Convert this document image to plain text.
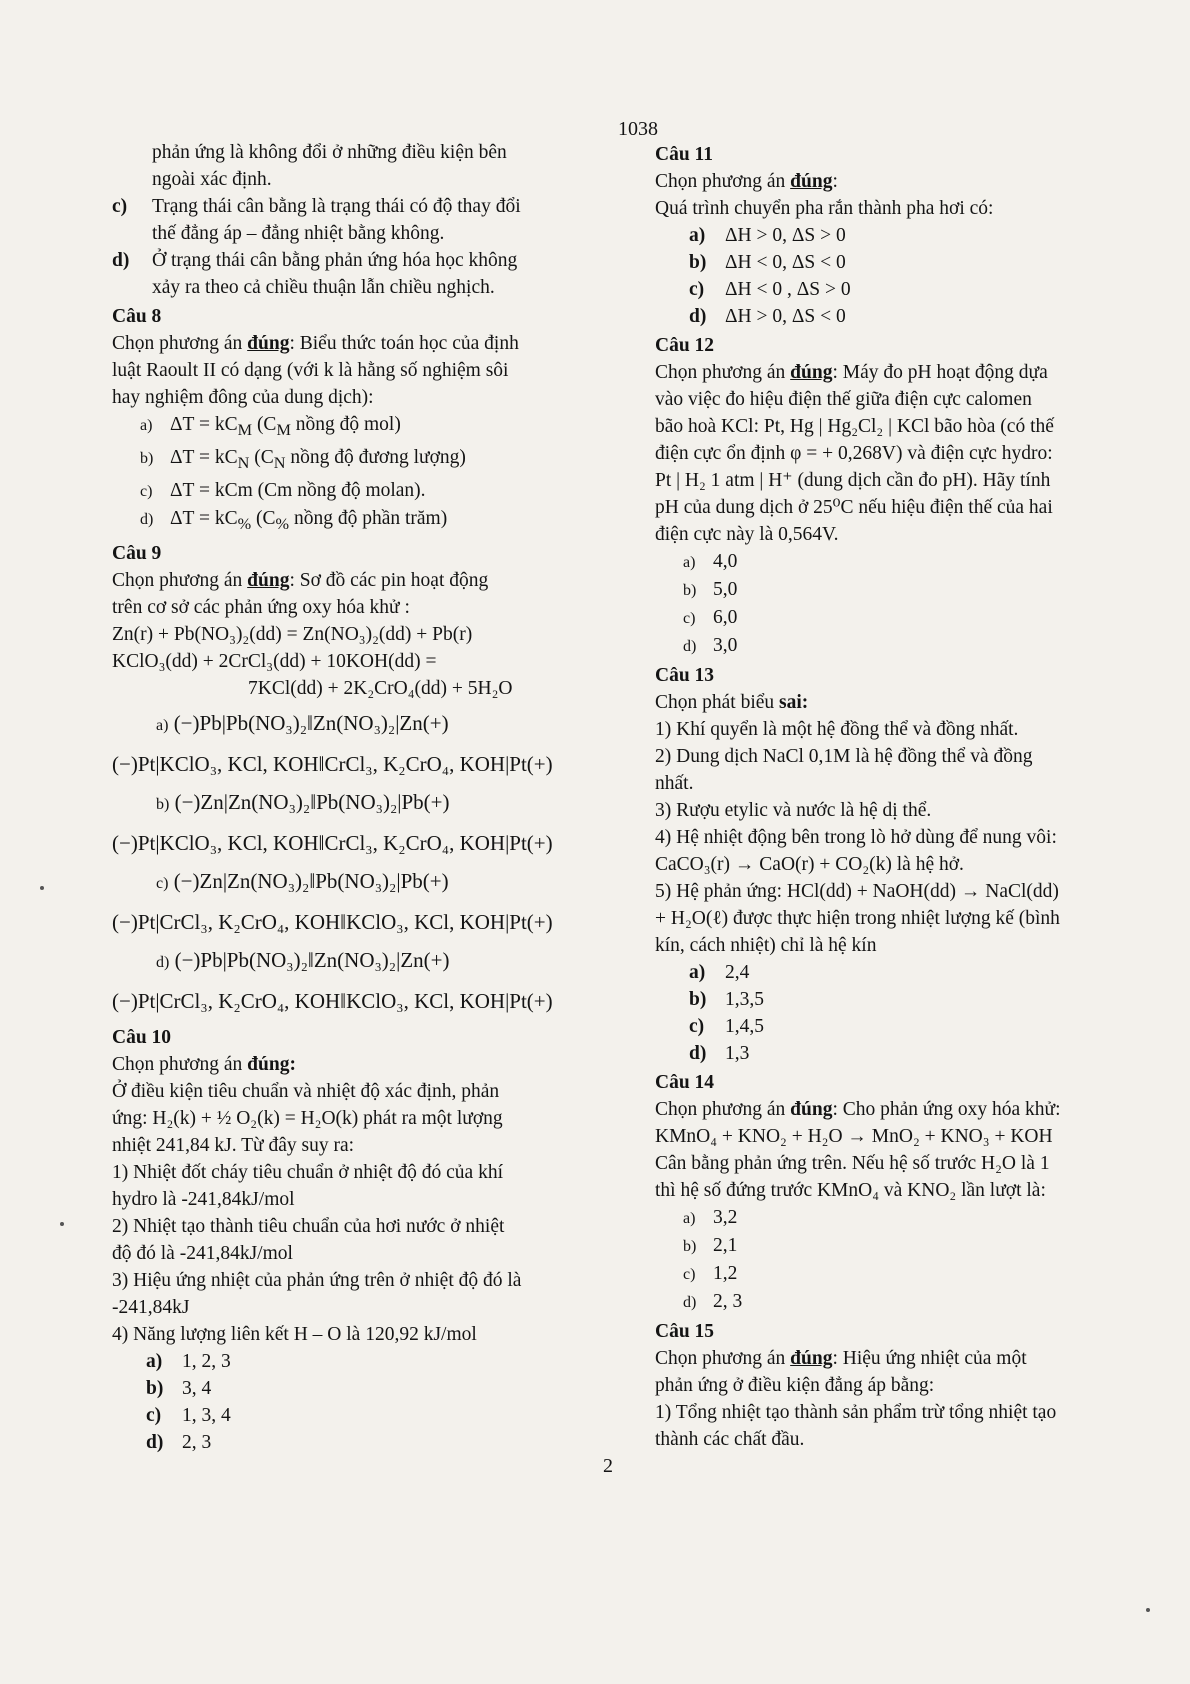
1038
phản ứng là không đổi ở những điều kiện bên
ngoài xác định.
c) Trạng thái cân bằng là trạng thái có độ thay đổi
thế đẳng áp – đẳng nhiệt bằng không.
d) Ở trạng thái cân bằng phản ứng hóa học không
xảy ra theo cả chiều thuận lẫn chiều nghịch.
Câu 8
Chọn phương án đúng: Biểu thức toán học của định
luật Raoult II có dạng (với k là hằng số nghiệm sôi
hay nghiệm đông của dung dịch):
a) $\Delta T = kC_M$ ($C_M$ nồng độ mol)
b) $\Delta T = kC_N$ ($C_N$ nồng độ đương lượng)
c) ΔT = kCm (Cm nồng độ molan).
d) $\Delta T = kC_{\%}$ ($C_{\%}$ nồng độ phần trăm)
Câu 9
Chọn phương án đúng: Sơ đồ các pin hoạt động
trên cơ sở các phản ứng oxy hóa khử :
Zn(r) + Pb(NO₃)₂(dd) = Zn(NO₃)₂(dd) + Pb(r)
KClO₃(dd) + 2CrCl₃(dd) + 10KOH(dd) =
7KCl(dd) + 2K₂CrO₄(dd) + 5H₂O
a) (−)Pb|Pb(NO₃)₂‖Zn(NO₃)₂|Zn(+)
(−)Pt|KClO₃, KCl, KOH‖CrCl₃, K₂CrO₄, KOH|Pt(+)
b) (−)Zn|Zn(NO₃)₂‖Pb(NO₃)₂|Pb(+)
(−)Pt|KClO₃, KCl, KOH‖CrCl₃, K₂CrO₄, KOH|Pt(+)
c) (−)Zn|Zn(NO₃)₂‖Pb(NO₃)₂|Pb(+)
(−)Pt|CrCl₃, K₂CrO₄, KOH‖KClO₃, KCl, KOH|Pt(+)
d) (−)Pb|Pb(NO₃)₂‖Zn(NO₃)₂|Zn(+)
(−)Pt|CrCl₃, K₂CrO₄, KOH‖KClO₃, KCl, KOH|Pt(+)
Câu 10
Chọn phương án đúng:
Ở điều kiện tiêu chuẩn và nhiệt độ xác định, phản
ứng: H₂(k) + ½ O₂(k) = H₂O(k) phát ra một lượng
nhiệt 241,84 kJ. Từ đây suy ra:
1) Nhiệt đốt cháy tiêu chuẩn ở nhiệt độ đó của khí
hydro là -241,84kJ/mol
2) Nhiệt tạo thành tiêu chuẩn của hơi nước ở nhiệt
độ đó là -241,84kJ/mol
3) Hiệu ứng nhiệt của phản ứng trên ở nhiệt độ đó là
-241,84kJ
4) Năng lượng liên kết H – O là 120,92 kJ/mol
a) 1, 2, 3
b) 3, 4
c) 1, 3, 4
d) 2, 3
Câu 11
Chọn phương án đúng:
Quá trình chuyển pha rắn thành pha hơi có:
a) ΔH > 0, ΔS > 0
b) ΔH < 0, ΔS < 0
c) ΔH < 0 , ΔS > 0
d) ΔH > 0, ΔS < 0
Câu 12
Chọn phương án đúng: Máy đo pH hoạt động dựa
vào việc đo hiệu điện thế giữa điện cực calomen
bão hoà KCl: Pt, Hg | Hg₂Cl₂ | KCl bão hòa (có thế
điện cực ổn định φ = + 0,268V) và điện cực hydro:
Pt | H₂ 1 atm | H⁺ (dung dịch cần đo pH). Hãy tính
pH của dung dịch ở 25⁰C nếu hiệu điện thế của hai
điện cực này là 0,564V.
a) 4,0
b) 5,0
c) 6,0
d) 3,0
Câu 13
Chọn phát biểu sai:
1) Khí quyển là một hệ đồng thể và đồng nhất.
2) Dung dịch NaCl 0,1M là hệ đồng thể và đồng
nhất.
3) Rượu etylic và nước là hệ dị thể.
4) Hệ nhiệt động bên trong lò hở dùng để nung vôi:
CaCO₃(r) → CaO(r) + CO₂(k) là hệ hở.
5) Hệ phản ứng: HCl(dd) + NaOH(dd) → NaCl(dd)
+ H₂O(ℓ) được thực hiện trong nhiệt lượng kế (bình
kín, cách nhiệt) chỉ là hệ kín
a) 2,4
b) 1,3,5
c) 1,4,5
d) 1,3
Câu 14
Chọn phương án đúng: Cho phản ứng oxy hóa khử:
KMnO₄ + KNO₂ + H₂O → MnO₂ + KNO₃ + KOH
Cân bằng phản ứng trên. Nếu hệ số trước H₂O là 1
thì hệ số đứng trước KMnO₄ và KNO₂ lần lượt là:
a) 3,2
b) 2,1
c) 1,2
d) 2, 3
Câu 15
Chọn phương án đúng: Hiệu ứng nhiệt của một
phản ứng ở điều kiện đẳng áp bằng:
1) Tổng nhiệt tạo thành sản phẩm trừ tổng nhiệt tạo
thành các chất đầu.
2
